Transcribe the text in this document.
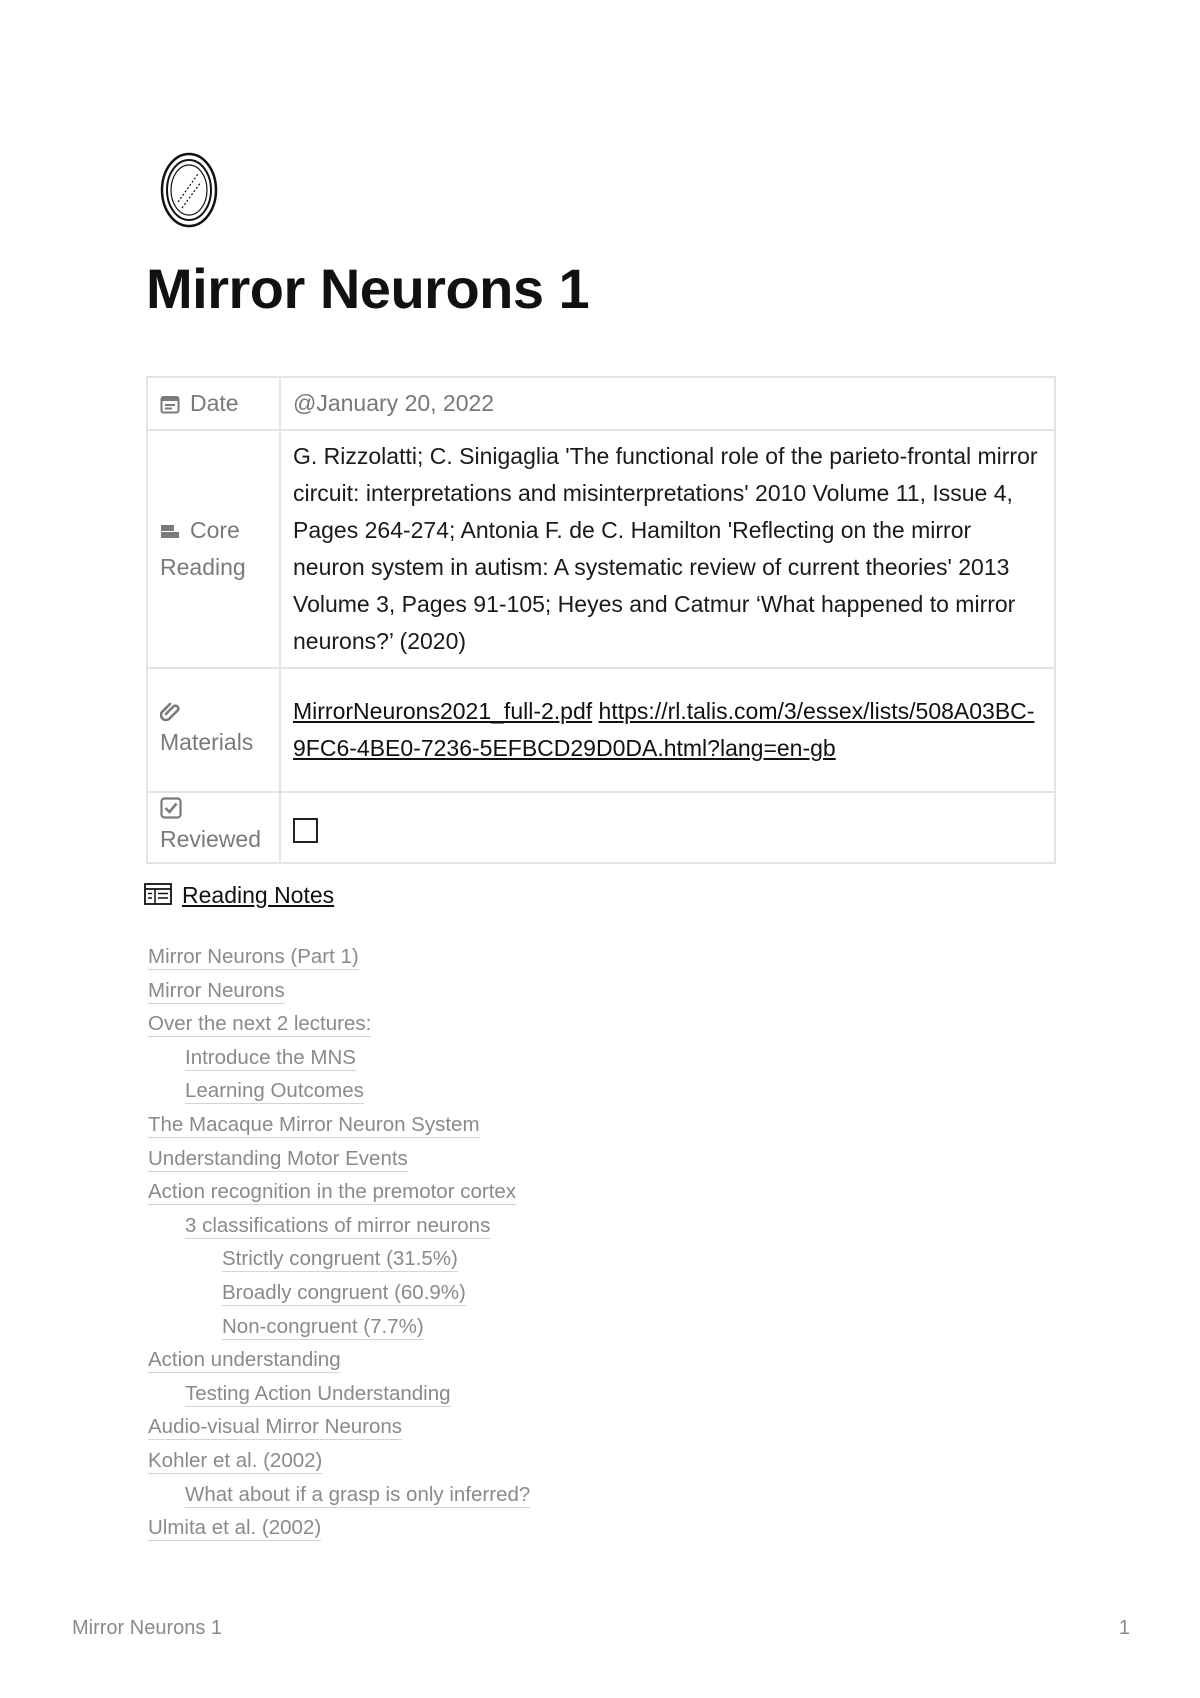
Mirror Neurons 1
Date	@January 20, 2022
Core Reading	G. Rizzolatti; C. Sinigaglia 'The functional role of the parieto-frontal mirror circuit: interpretations and misinterpretations' 2010 Volume 11, Issue 4, Pages 264-274; Antonia F. de C. Hamilton 'Reflecting on the mirror neuron system in autism: A systematic review of current theories' 2013 Volume 3, Pages 91-105; Heyes and Catmur ‘What happened to mirror neurons?’ (2020)

Materials	MirrorNeurons2021_full-2.pdf https://rl.talis.com/3/essex/lists/508A03BC-9FC6-4BE0-7236-5EFBCD29D0DA.html?lang=en-gb

Reviewed	
Reading Notes
Mirror Neurons (Part 1)
Mirror Neurons
Over the next 2 lectures:
Introduce the MNS
Learning Outcomes
The Macaque Mirror Neuron System
Understanding Motor Events
Action recognition in the premotor cortex
3 classifications of mirror neurons
Strictly congruent (31.5%)
Broadly congruent (60.9%)
Non-congruent (7.7%)
Action understanding
Testing Action Understanding
Audio-visual Mirror Neurons
Kohler et al. (2002)
What about if a grasp is only inferred?
Ulmita et al. (2002)
Mirror Neurons 1	1
